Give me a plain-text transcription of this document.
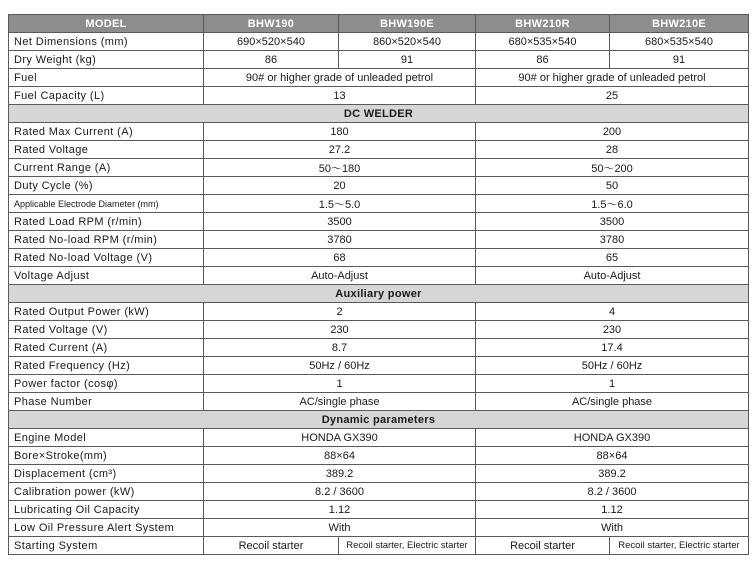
MODEL	BHW190	BHW190E	BHW210R	BHW210E
Net Dimensions (mm)	690×520×540	860×520×540	680×535×540	680×535×540
Dry Weight (kg)	86	91	86	91
Fuel	90# or higher grade of unleaded petrol		90# or higher grade of unleaded petrol	
Fuel Capacity (L)	13		25	
DC WELDER				
Rated Max Current (A)	180		200	
Rated Voltage	27.2		28	
Current Range (A)	50～180		50～200	
Duty Cycle (%)	20		50	
Applicable Electrode Diameter (mm)	1.5～5.0		1.5～6.0	
Rated Load RPM (r/min)	3500		3500	
Rated No-load RPM (r/min)	3780		3780	
Rated No-load Voltage (V)	68		65	
Voltage Adjust	Auto-Adjust		Auto-Adjust	
Auxiliary power				
Rated Output Power (kW)	2		4	
Rated Voltage (V)	230		230	
Rated Current (A)	8.7		17.4	
Rated Frequency (Hz)	50Hz / 60Hz		50Hz / 60Hz	
Power factor (cosφ)	1		1	
Phase Number	AC/single phase		AC/single phase	
Dynamic parameters				
Engine Model	HONDA GX390		HONDA GX390	
Bore×Stroke(mm)	88×64		88×64	
Displacement (cm³)	389.2		389.2	
Calibration power (kW)	8.2 / 3600		8.2 / 3600	
Lubricating Oil Capacity	1.12		1.12	
Low Oil Pressure Alert System	With		With	
Starting System	Recoil starter	Recoil starter, Electric starter	Recoil starter	Recoil starter, Electric starter
